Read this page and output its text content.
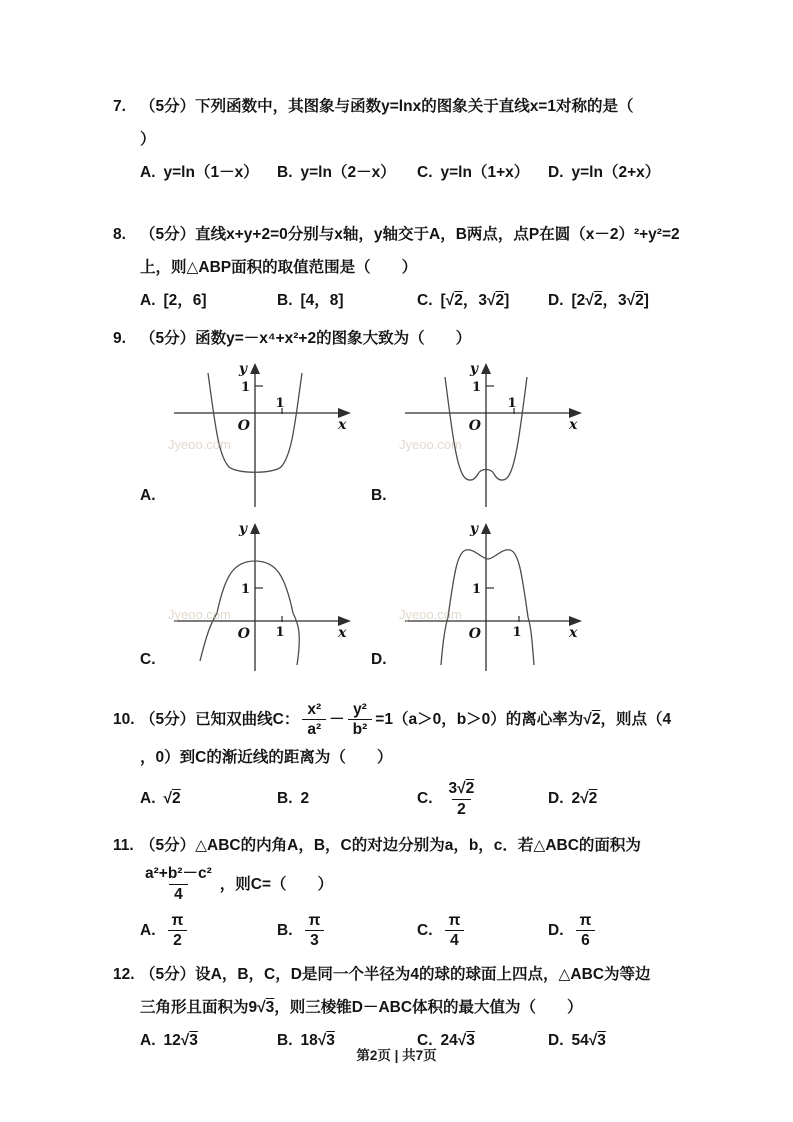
7. （5分）下列函数中，其图象与函数y=lnx的图象关于直线x=1对称的是（
）
A. y=ln（1－x） B. y=ln（2－x） C. y=ln（1+x） D. y=ln（2+x）
8. （5分）直线x+y+2=0分别与x轴，y轴交于A，B两点，点P在圆（x－2）²+y²=2
上，则△ABP面积的取值范围是（　　）
A. [2，6]	B. [4，8]	C. [√2，3√2] D. [2√2，3√2]
9. （5分）函数y=－x⁴+x²+2的图象大致为（　　）
Jyeoo.com
A.
1
1
O
y
x
Jyeoo.com
B.
1
1
O
y
x
Jyeoo.com
C.
1
1
O
y
x
Jyeoo.com
D.
1
1
O
y
x
10. （5分）已知双曲线C： $\frac{\text{x²}}{\text{a²}} - \frac{\text{y²}}{\text{b²}} =1(a>0$，b＞0）的离心率为√2，则点（4
，0）到C的渐近线的距离为（　　）
A. √2	B. 2	C. $\frac{3√2}{2}$	D. 2√2
11. （5分）△ABC的内角A，B，C的对边分别为a，b，c．若△ABC的面积为
$\frac{\text{a²+b²－c²}}{4}$ ，则C=（　　）
A. $\frac{\pi}{2}$	B. $\frac{\pi}{3}$	C. $\frac{\pi}{4}$	D. $\frac{\pi}{6}$
12. （5分）设A，B，C，D是同一个半径为4的球的球面上四点，△ABC为等边
三角形且面积为9√3，则三棱锥D－ABC体积的最大值为（　　）
A. 12√3	B. 18√3	C. 24√3	D. 54√3
第2页 | 共7页
